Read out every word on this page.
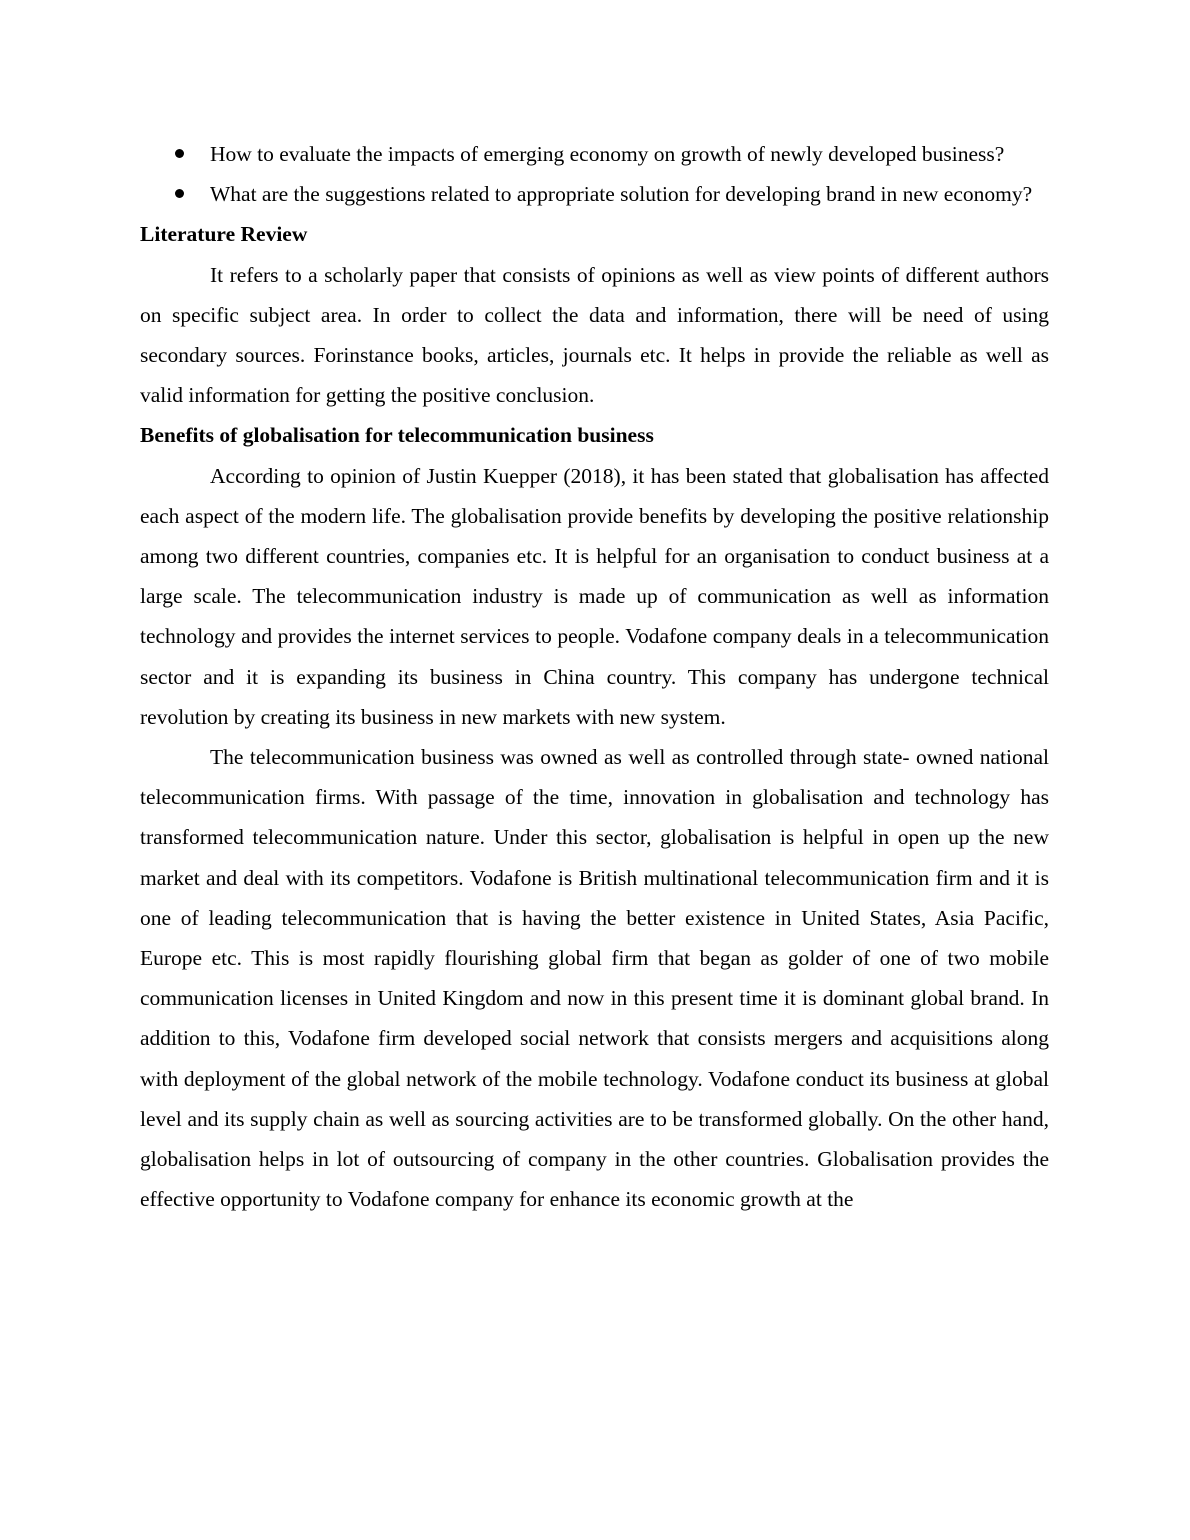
How to evaluate the impacts of emerging economy on growth of newly developed business?
What are the suggestions related to appropriate solution for developing brand in new economy?

Literature Review

It refers to a scholarly paper that consists of opinions as well as view points of different authors on specific subject area. In order to collect the data and information, there will be need of using secondary sources. Forinstance books, articles, journals etc. It helps in provide the reliable as well as valid information for getting the positive conclusion.

Benefits of globalisation for telecommunication business

According to opinion of Justin Kuepper (2018), it has been stated that globalisation has affected each aspect of the modern life. The globalisation provide benefits by developing the positive relationship among two different countries, companies etc. It is helpful for an organisation to conduct business at a large scale. The telecommunication industry is made up of communication as well as information technology and provides the internet services to people. Vodafone company deals in a telecommunication sector and it is expanding its business in China country. This company has undergone technical revolution by creating its business in new markets with new system.

The telecommunication business was owned as well as controlled through state- owned national telecommunication firms. With passage of the time, innovation in globalisation and technology has transformed telecommunication nature. Under this sector, globalisation is helpful in open up the new market and deal with its competitors. Vodafone is British multinational telecommunication firm and it is one of leading telecommunication that is having the better existence in United States, Asia Pacific, Europe etc. This is most rapidly flourishing global firm that began as golder of one of two mobile communication licenses in United Kingdom and now in this present time it is dominant global brand. In addition to this, Vodafone firm developed social network that consists mergers and acquisitions along with deployment of the global network of the mobile technology. Vodafone conduct its business at global level and its supply chain as well as sourcing activities are to be transformed globally. On the other hand, globalisation helps in lot of outsourcing of company in the other countries. Globalisation provides the effective opportunity to Vodafone company for enhance its economic growth at the
